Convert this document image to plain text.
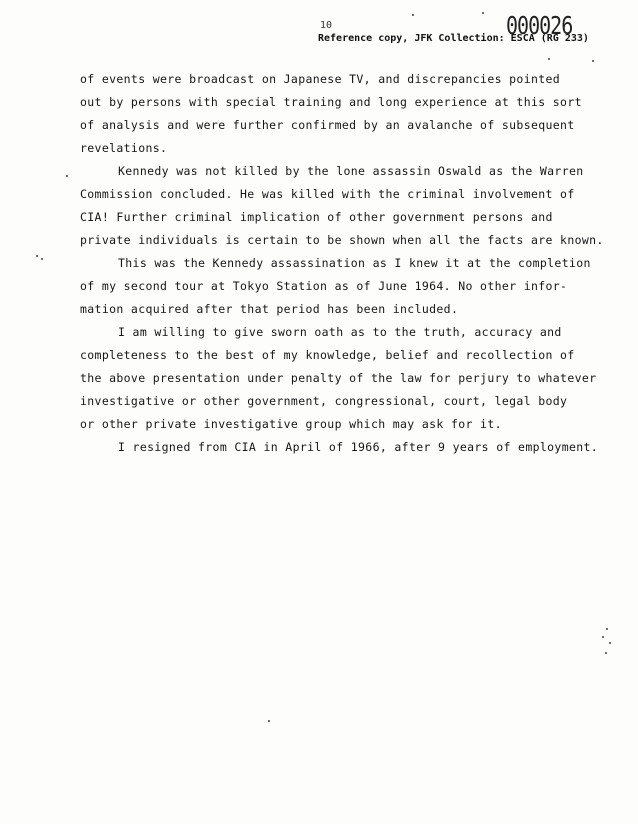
10	000026
Reference copy, JFK Collection: ESCA (RG 233)
of events were broadcast on Japanese TV, and discrepancies pointed
out by persons with special training and long experience at this sort
of analysis and were further confirmed by an avalanche of subsequent
revelations.
Kennedy was not killed by the lone assassin Oswald as the Warren
Commission concluded. He was killed with the criminal involvement of
CIA! Further criminal implication of other government persons and
private individuals is certain to be shown when all the facts are known.
This was the Kennedy assassination as I knew it at the completion
of my second tour at Tokyo Station as of June 1964. No other infor-
mation acquired after that period has been included.
I am willing to give sworn oath as to the truth, accuracy and
completeness to the best of my knowledge, belief and recollection of
the above presentation under penalty of the law for perjury to whatever
investigative or other government, congressional, court, legal body
or other private investigative group which may ask for it.
I resigned from CIA in April of 1966, after 9 years of employment.
